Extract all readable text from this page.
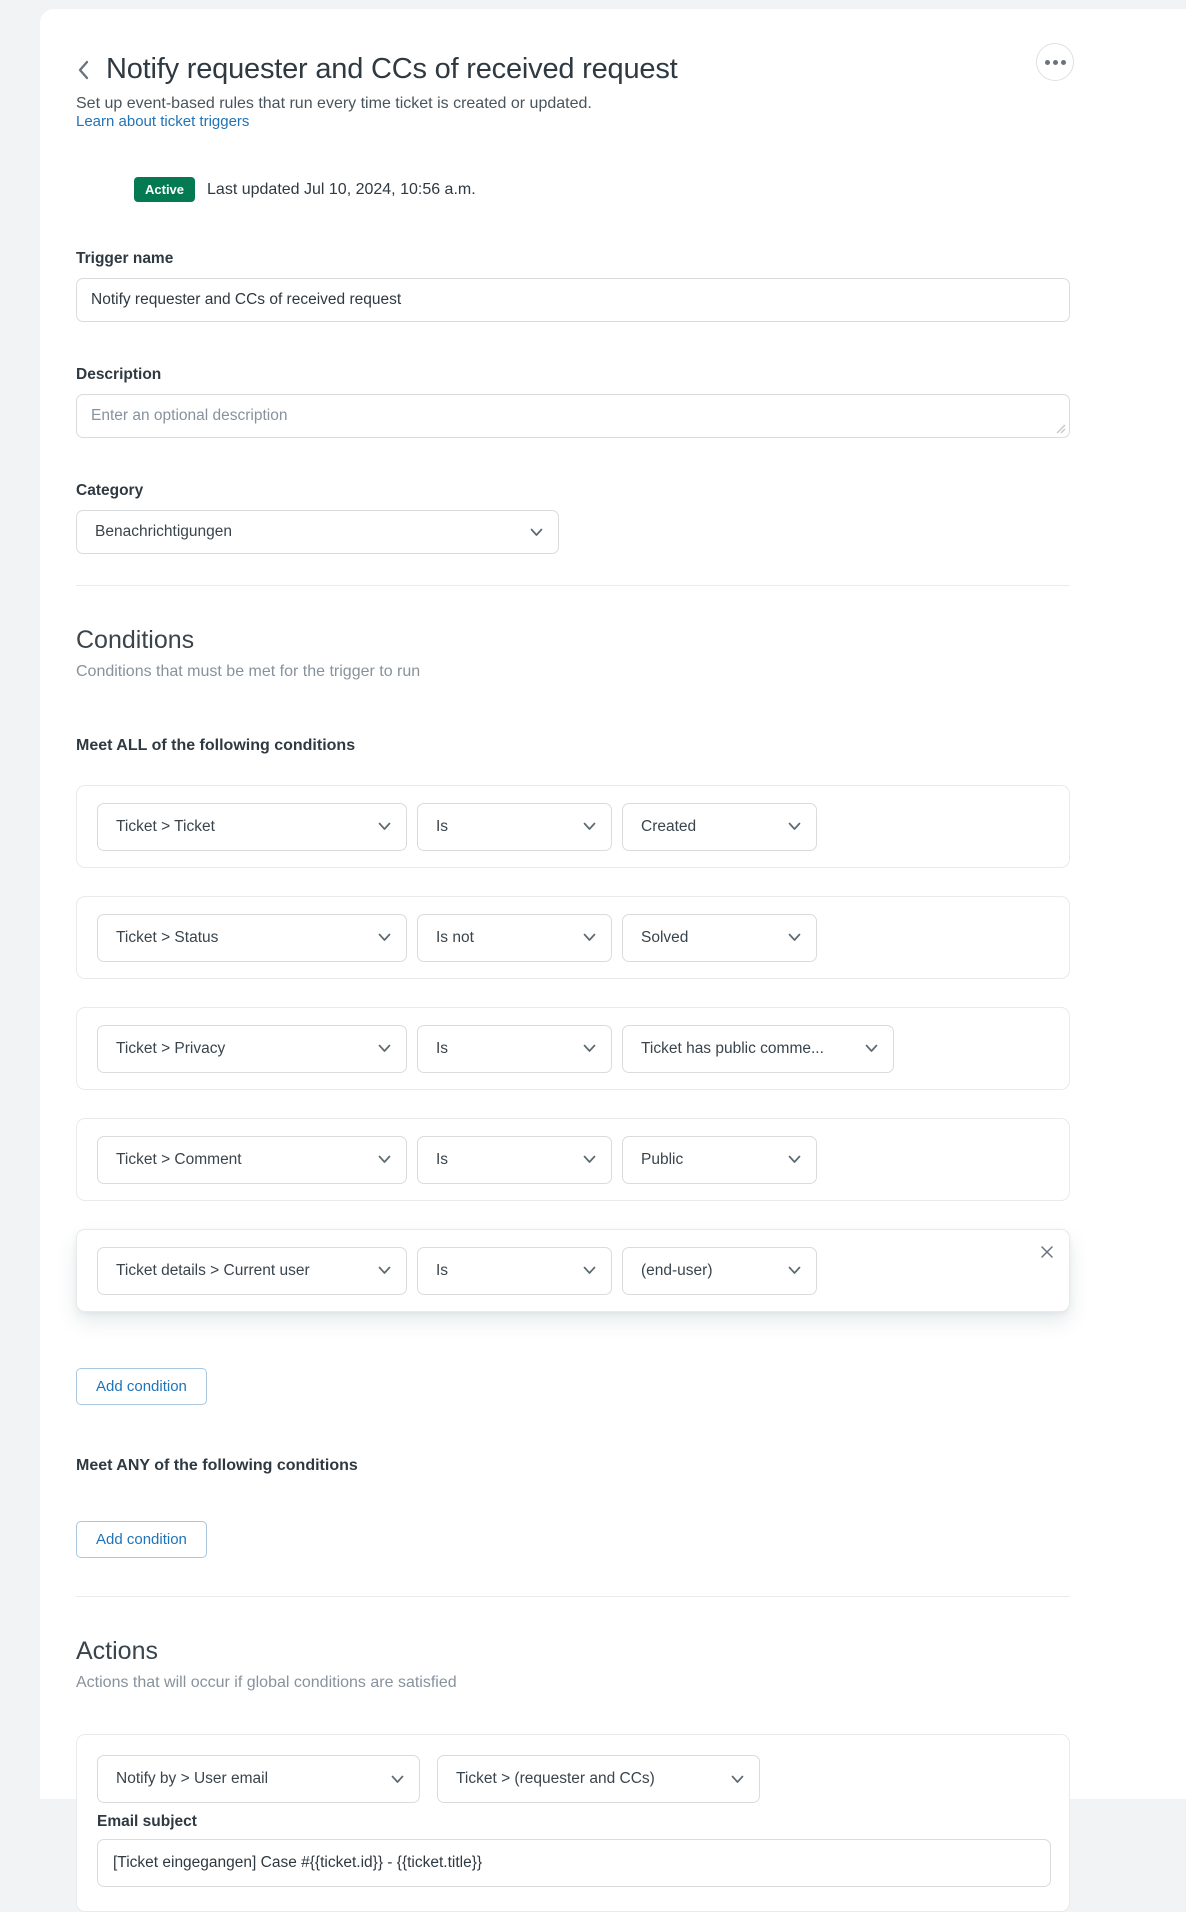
Notify requester and CCs of received request
Set up event-based rules that run every time ticket is created or updated.
Learn about ticket triggers
Active	Last updated Jul 10, 2024, 10:56 a.m.
Trigger name
Notify requester and CCs of received request
Description
Enter an optional description
Category
Benachrichtigungen
Conditions
Conditions that must be met for the trigger to run
Meet ALL of the following conditions
Ticket > Ticket	Is	Created
Ticket > Status	Is not	Solved
Ticket > Privacy	Is	Ticket has public comme...
Ticket > Comment	Is	Public
Ticket details > Current user	Is	(end-user)
Add condition
Meet ANY of the following conditions

Add condition
Actions
Actions that will occur if global conditions are satisfied
Notify by > User email	Ticket > (requester and CCs)
Email subject
[Ticket eingegangen] Case #{{ticket.id}} - {{ticket.title}}
